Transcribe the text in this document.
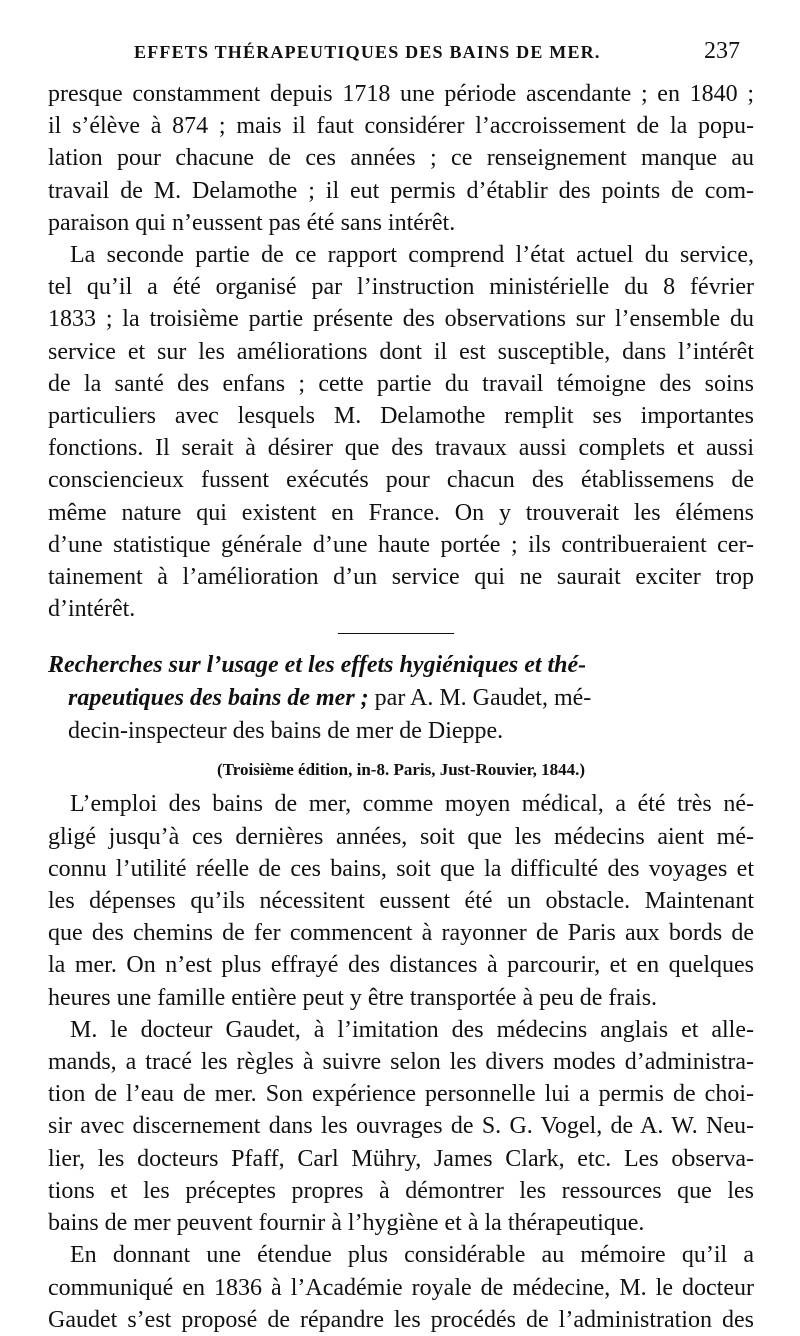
EFFETS THÉRAPEUTIQUES DES BAINS DE MER.	237
presque constamment depuis 1718 une période ascendante ; en 1840 ;
il s’élève à 874 ; mais il faut considérer l’accroissement de la popu-
lation pour chacune de ces années ; ce renseignement manque au
travail de M. Delamothe ; il eut permis d’établir des points de com-
paraison qui n’eussent pas été sans intérêt.
La seconde partie de ce rapport comprend l’état actuel du service,
tel qu’il a été organisé par l’instruction ministérielle du 8 février
1833 ; la troisième partie présente des observations sur l’ensemble du
service et sur les améliorations dont il est susceptible, dans l’intérêt
de la santé des enfans ; cette partie du travail témoigne des soins
particuliers avec lesquels M. Delamothe remplit ses importantes
fonctions. Il serait à désirer que des travaux aussi complets et aussi
consciencieux fussent exécutés pour chacun des établissemens de
même nature qui existent en France. On y trouverait les élémens
d’une statistique générale d’une haute portée ; ils contribueraient cer-
tainement à l’amélioration d’un service qui ne saurait exciter trop
d’intérêt.
Recherches sur l’usage et les effets hygiéniques et thé-
rapeutiques des bains de mer ; par A. M. Gaudet, mé-
decin-inspecteur des bains de mer de Dieppe.
(Troisième édition, in-8. Paris, Just-Rouvier, 1844.)
L’emploi des bains de mer, comme moyen médical, a été très né-
gligé jusqu’à ces dernières années, soit que les médecins aient mé-
connu l’utilité réelle de ces bains, soit que la difficulté des voyages et
les dépenses qu’ils nécessitent eussent été un obstacle. Maintenant
que des chemins de fer commencent à rayonner de Paris aux bords de
la mer. On n’est plus effrayé des distances à parcourir, et en quelques
heures une famille entière peut y être transportée à peu de frais.
M. le docteur Gaudet, à l’imitation des médecins anglais et alle-
mands, a tracé les règles à suivre selon les divers modes d’administra-
tion de l’eau de mer. Son expérience personnelle lui a permis de choi-
sir avec discernement dans les ouvrages de S. G. Vogel, de A. W. Neu-
lier, les docteurs Pfaff, Carl Mühry, James Clark, etc. Les observa-
tions et les préceptes propres à démontrer les ressources que les
bains de mer peuvent fournir à l’hygiène et à la thérapeutique.
En donnant une étendue plus considérable au mémoire qu’il a
communiqué en 1836 à l’Académie royale de médecine, M. le docteur
Gaudet s’est proposé de répandre les procédés de l’administration des
